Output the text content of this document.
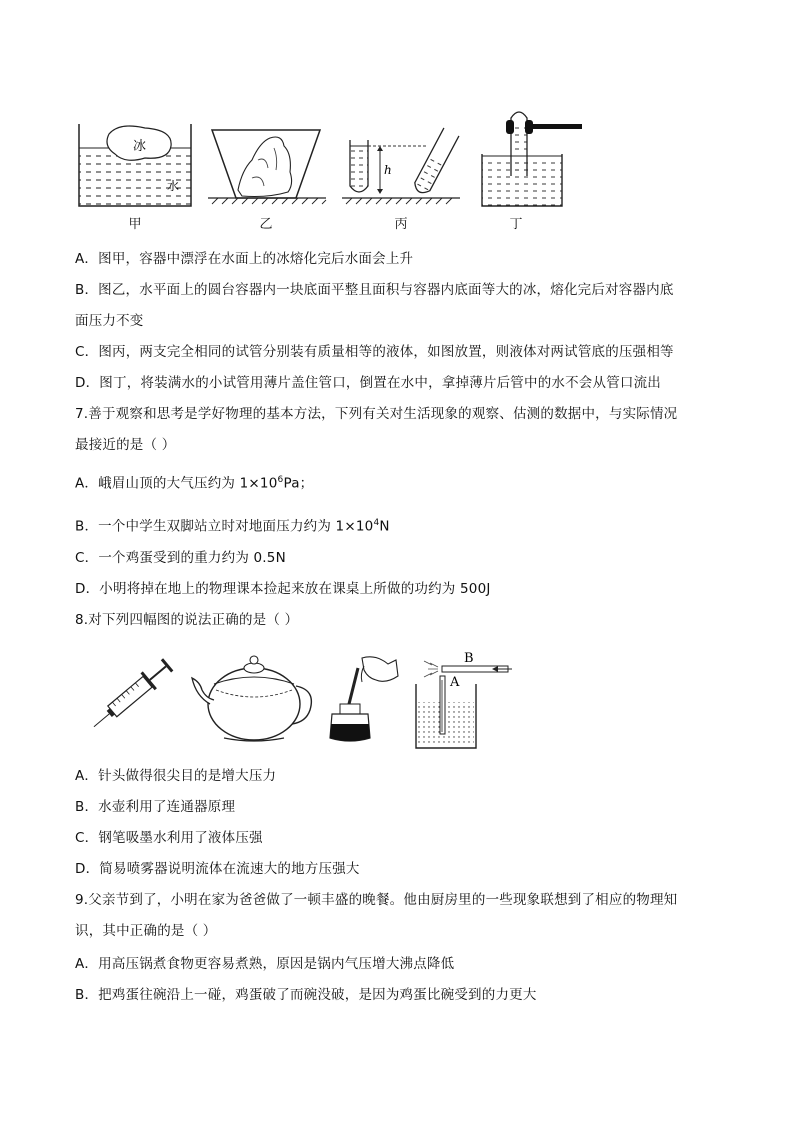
冰
水
甲	乙
h
丙	丁
A．图甲，容器中漂浮在水面上的冰熔化完后水面会上升
B．图乙，水平面上的圆台容器内一块底面平整且面积与容器内底面等大的冰，熔化完后对容器内底
面压力不变
C．图丙，两支完全相同的试管分别装有质量相等的液体，如图放置，则液体对两试管底的压强相等
D．图丁，将装满水的小试管用薄片盖住管口，倒置在水中，拿掉薄片后管中的水不会从管口流出
7.善于观察和思考是学好物理的基本方法，下列有关对生活现象的观察、估测的数据中，与实际情况
最接近的是（ ）
A．峨眉山顶的大气压约为 $1\times 10^6Pa$；
B．一个中学生双脚站立时对地面压力约为 $1\times 10^4N$
C．一个鸡蛋受到的重力约为 0.5N
D．小明将掉在地上的物理课本捡起来放在课桌上所做的功约为 500J
8.对下列四幅图的说法正确的是（ ）
B
A
A．针头做得很尖目的是增大压力
B．水壶利用了连通器原理
C．钢笔吸墨水利用了液体压强
D．简易喷雾器说明流体在流速大的地方压强大
9.父亲节到了，小明在家为爸爸做了一顿丰盛的晚餐。他由厨房里的一些现象联想到了相应的物理知
识，其中正确的是（ ）
A．用高压锅煮食物更容易煮熟，原因是锅内气压增大沸点降低
B．把鸡蛋往碗沿上一碰，鸡蛋破了而碗没破，是因为鸡蛋比碗受到的力更大
